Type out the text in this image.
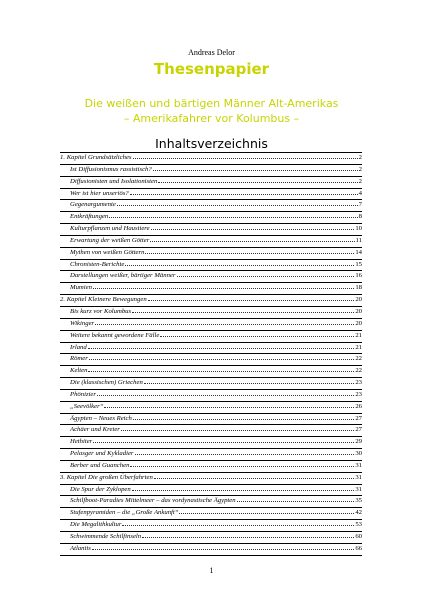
Andreas Delor
Thesenpapier
Die weißen und bärtigen Männer Alt-Amerikas
– Amerikafahrer vor Kolumbus –
Inhaltsverzeichnis
1. Kapitel Grundsätzliches	2
Ist Diffusionismus rassistisch?	2
Diffusionisten und Isolationisten	2
Wer ist hier unseriös?	4
Gegenargumente	7
Entkräftungen	8
Kulturpflanzen und Haustiere	10
Erwartung der weißen Götter	11
Mythen von weißen Göttern	14
Chronisten-Berichte	15
Darstellungen weißer, bärtiger Männer	16
Mumien	18
2. Kapitel Kleinere Bewegungen	20
Bis kurz vor Kolumbus	20
Wikinger	20
Weitere bekannt gewordene Fälle	21
Irland	21
Römer	22
Kelten	22
Die (klassischen) Griechen	23
Phönizier	23
„Seevölker“	26
Ägypten – Neues Reich	27
Achäer und Kreter	27
Hethiter	29
Pelasger und Kykladier	30
Berber und Guanchen	31
3. Kapitel Die großen Überfahrten	31
Die Spur der Zyklopen	31
Schilfboot-Paradies Mittelmeer – das vordynastische Ägypten	35
Stufenpyramiden – die „Große Ankunft“	42
Die Megalithkultur	53
Schwimmende Schilfinseln	60
Atlantis	66
1
